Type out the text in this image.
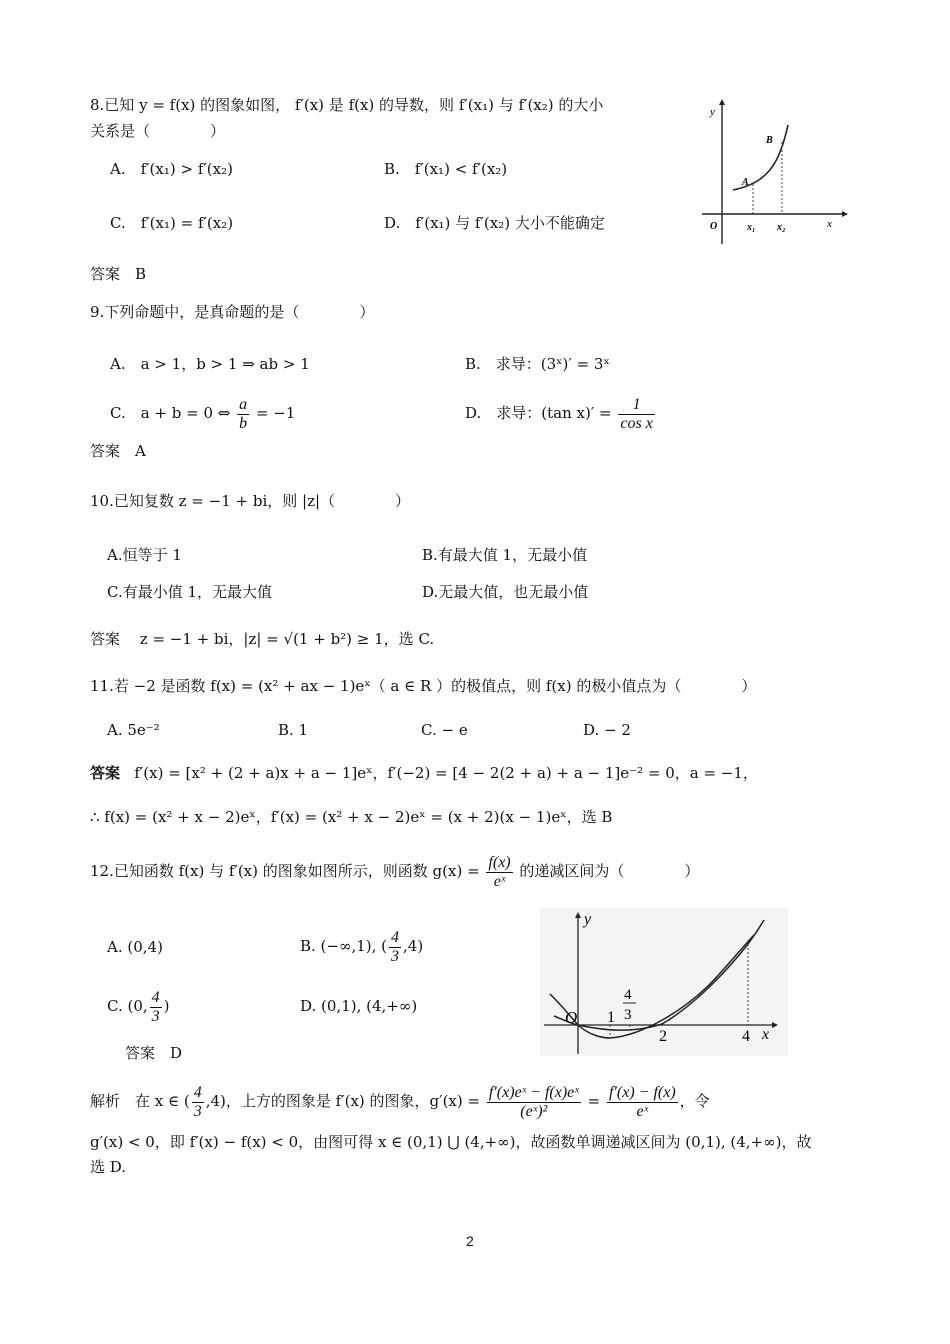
8.已知 y = f(x) 的图象如图， f′(x) 是 f(x) 的导数，则 f′(x₁) 与 f′(x₂) 的大小
关系是（　　　　）
A.　f′(x₁) > f′(x₂)	B.　f′(x₁) < f′(x₂)
C.　f′(x₁) = f′(x₂)	D.　f′(x₁) 与 f′(x₂) 大小不能确定
答案　B
y
O	x
A
B
x₁ x₂
9.下列命题中，是真命题的是（　　　　）
A.　a > 1，b > 1 ⇒ ab > 1	B.　求导：(3ˣ)′ = 3ˣ
C.　a + b = 0 ⇔ $\frac{a}{b} = -1$	D.　求导：(tan $x)' = \frac{1}{\text{cos x}}$
答案　A
10.已知复数 z = −1 + bi，则 |z|（　　　　）
A.恒等于 1	B.有最大值 1，无最小值
C.有最小值 1，无最大值	D.无最大值，也无最小值
答案　 z = −1 + bi，|z| = √(1 + b²) ≥ 1，选 C.
11.若 −2 是函数 f(x) = (x² + ax − 1)eˣ（ a ∈ R ）的极值点，则 f(x) 的极小值点为（　　　　）
A. 5e⁻²	B. 1	C. − e	D. − 2
答案 f′(x) = [x² + (2 + a)x + a − 1]eˣ，f′(−2) = [4 − 2(2 + a) + a − 1]e⁻² = 0，a = −1，
∴ f(x) = (x² + x − 2)eˣ，f′(x) = (x² + x − 2)eˣ = (x + 2)(x − 1)eˣ，选 B
12.已知函数 f(x) 与 f′(x) 的图象如图所示，则函数 $g(x) = \frac{f(x)}{\text{eˣ}}$ 的递减区间为（　　　　）
A. (0,4)	B. (−∞,1), ( $\frac{4}{3} ,4$)
C. (0, $\frac{4}{3}$ )	D. (0,1), (4,+∞)
答案　D
y
O 1
4
3
2	4 x
解析　在 x ∈ ( $\frac{4}{3} ,4$)，上方的图象是 f′(x) 的图象，$g'(x) = \frac{\text{f′(x)eˣ − f(x)eˣ}}{\text{(eˣ)²}} = \frac{f'(x) - f(x)}{\text{eˣ}}$ ，令
g′(x) < 0，即 f′(x) − f(x) < 0，由图可得 x ∈ (0,1) ⋃ (4,+∞)，故函数单调递减区间为 (0,1), (4,+∞)，故
选 D.
2
